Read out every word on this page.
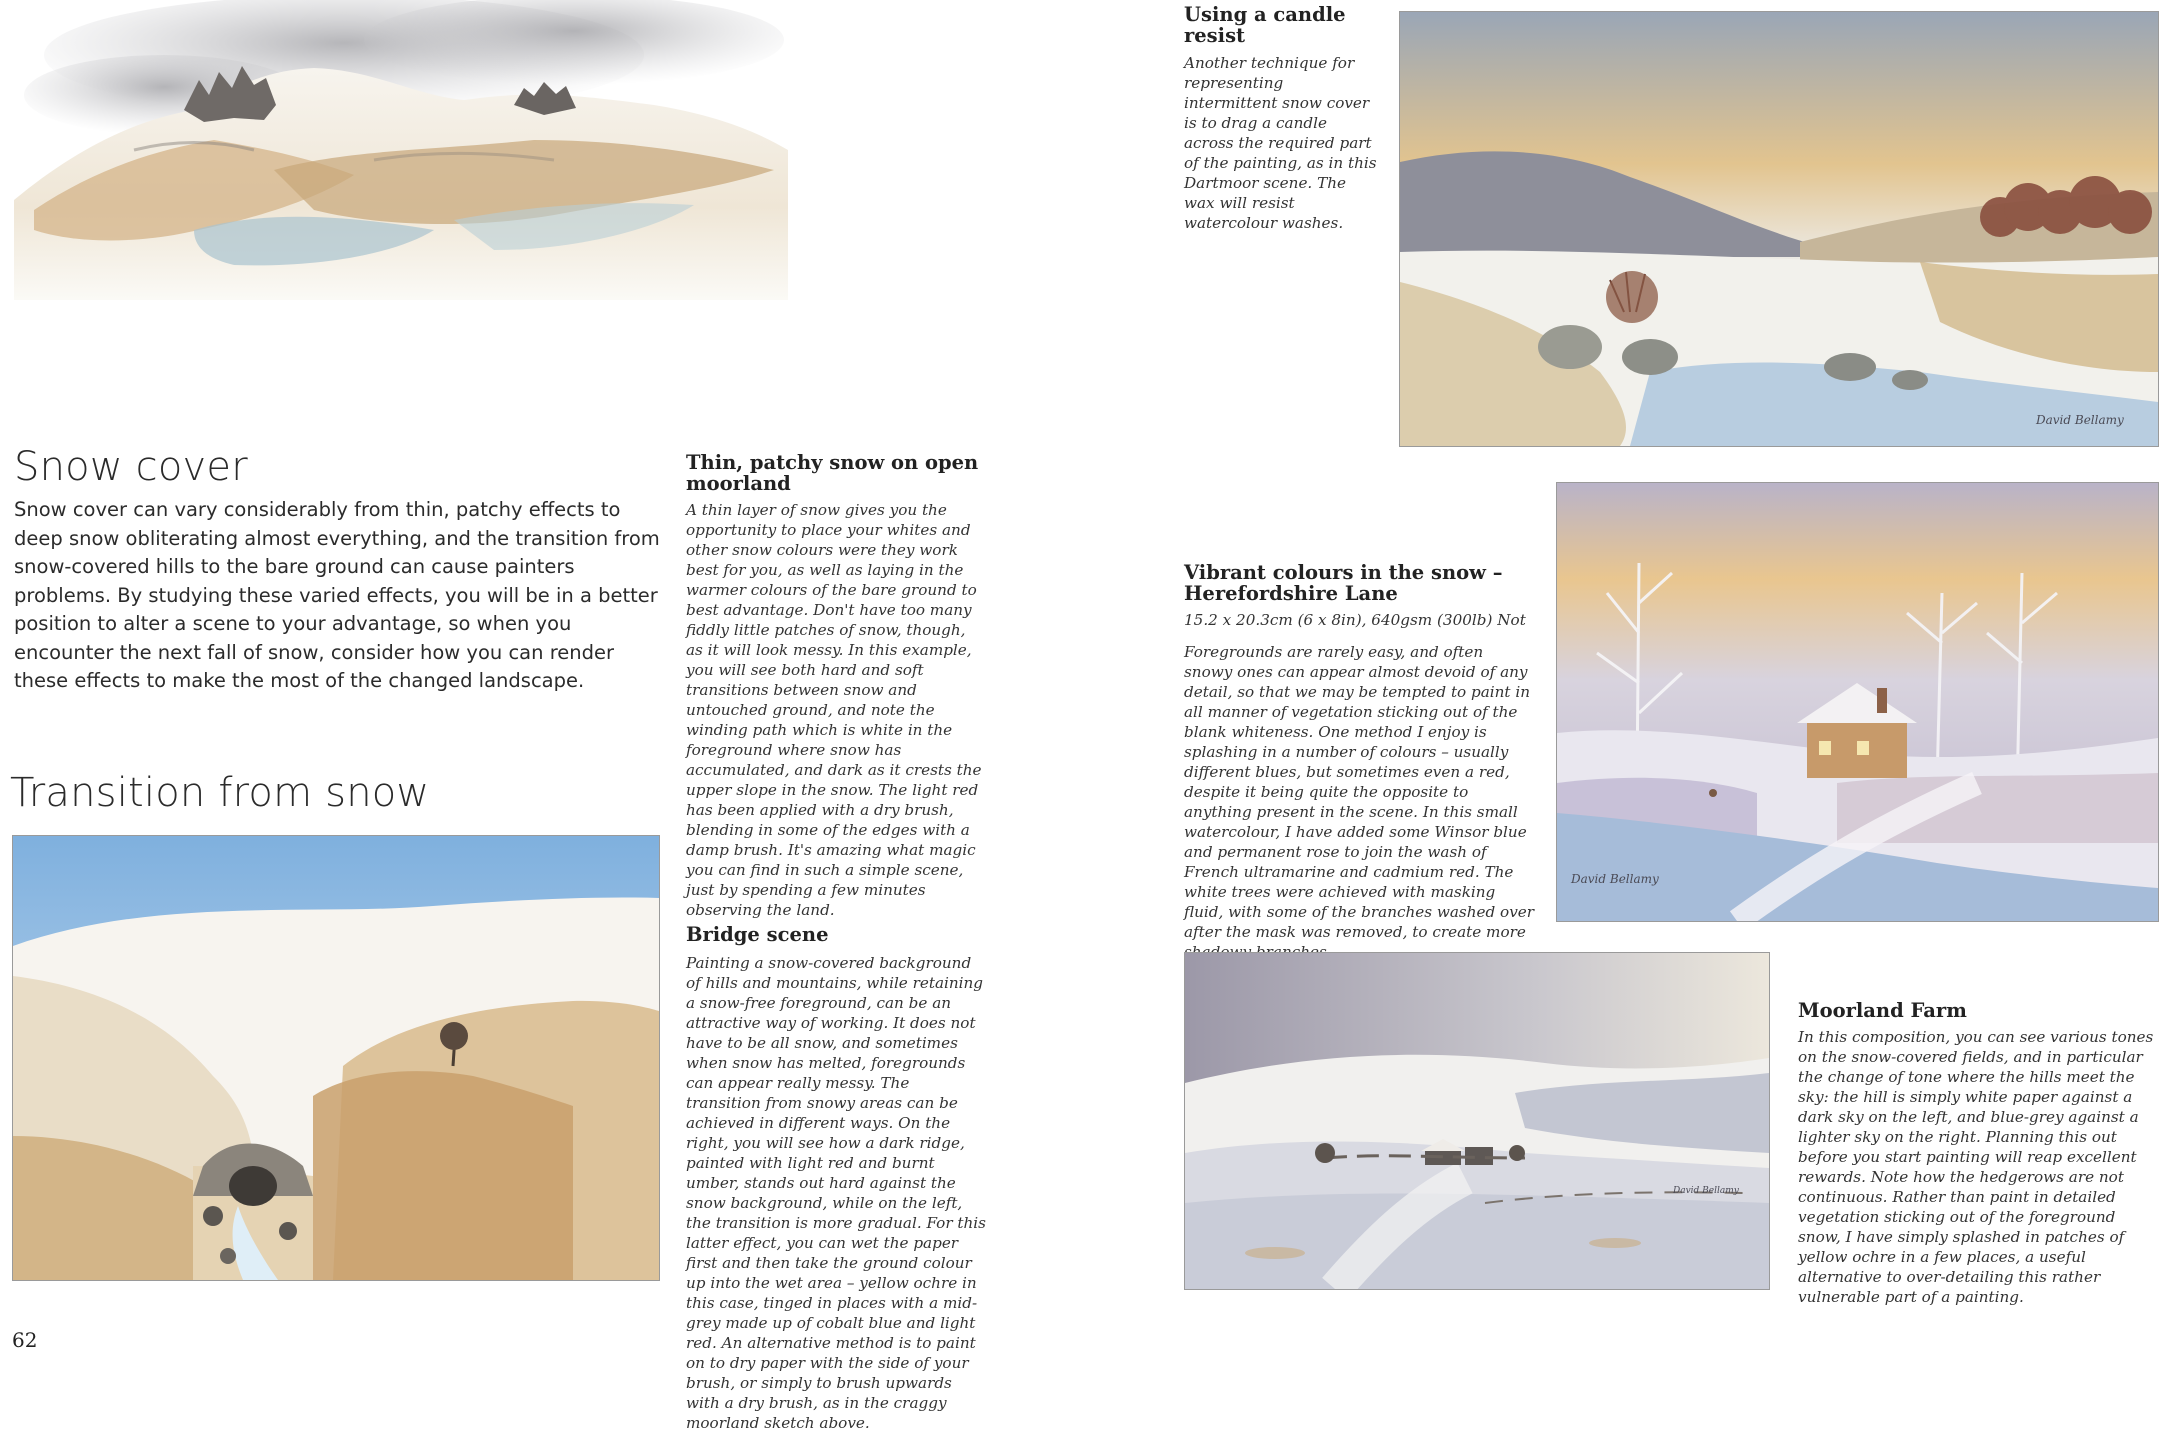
Snow cover
Snow cover can vary considerably from thin, patchy effects to deep snow obliterating almost everything, and the transition from snow-covered hills to the bare ground can cause painters problems. By studying these varied effects, you will be in a better position to alter a scene to your advantage, so when you encounter the next fall of snow, consider how you can render these effects to make the most of the changed landscape.
Transition from snow
62
Thin, patchy snow on open moorland
A thin layer of snow gives you the opportunity to place your whites and other snow colours were they work best for you, as well as laying in the warmer colours of the bare ground to best advantage. Don't have too many fiddly little patches of snow, though, as it will look messy. In this example, you will see both hard and soft transitions between snow and untouched ground, and note the winding path which is white in the foreground where snow has accumulated, and dark as it crests the upper slope in the snow. The light red has been applied with a dry brush, blending in some of the edges with a damp brush. It's amazing what magic you can find in such a simple scene, just by spending a few minutes observing the land.
Bridge scene
Painting a snow-covered background of hills and mountains, while retaining a snow-free foreground, can be an attractive way of working. It does not have to be all snow, and sometimes when snow has melted, foregrounds can appear really messy. The transition from snowy areas can be achieved in different ways. On the right, you will see how a dark ridge, painted with light red and burnt umber, stands out hard against the snow background, while on the left, the transition is more gradual. For this latter effect, you can wet the paper first and then take the ground colour up into the wet area – yellow ochre in this case, tinged in places with a mid-grey made up of cobalt blue and light red. An alternative method is to paint on to dry paper with the side of your brush, or simply to brush upwards with a dry brush, as in the craggy moorland sketch above.
Using a candle resist
Another technique for representing intermittent snow cover is to drag a candle across the required part of the painting, as in this Dartmoor scene. The wax will resist watercolour washes.
David Bellamy
Vibrant colours in the snow – Herefordshire Lane
15.2 x 20.3cm (6 x 8in), 640gsm (300lb) Not
Foregrounds are rarely easy, and often snowy ones can appear almost devoid of any detail, so that we may be tempted to paint in all manner of vegetation sticking out of the blank whiteness. One method I enjoy is splashing in a number of colours – usually different blues, but sometimes even a red, despite it being quite the opposite to anything present in the scene. In this small watercolour, I have added some Winsor blue and permanent rose to join the wash of French ultramarine and cadmium red. The white trees were achieved with masking fluid, with some of the branches washed over after the mask was removed, to create more
David Bellamy
David Bellamy
Moorland Farm
In this composition, you can see various tones on the snow-covered fields, and in particular the change of tone where the hills meet the sky: the hill is simply white paper against a dark sky on the left, and blue-grey against a lighter sky on the right. Planning this out before you start painting will reap excellent rewards. Note how the hedgerows are not continuous. Rather than paint in detailed vegetation sticking out of the foreground snow, I have simply splashed in patches of yellow ochre in a few places, a useful alternative to over-detailing this rather vulnerable part of a painting.
